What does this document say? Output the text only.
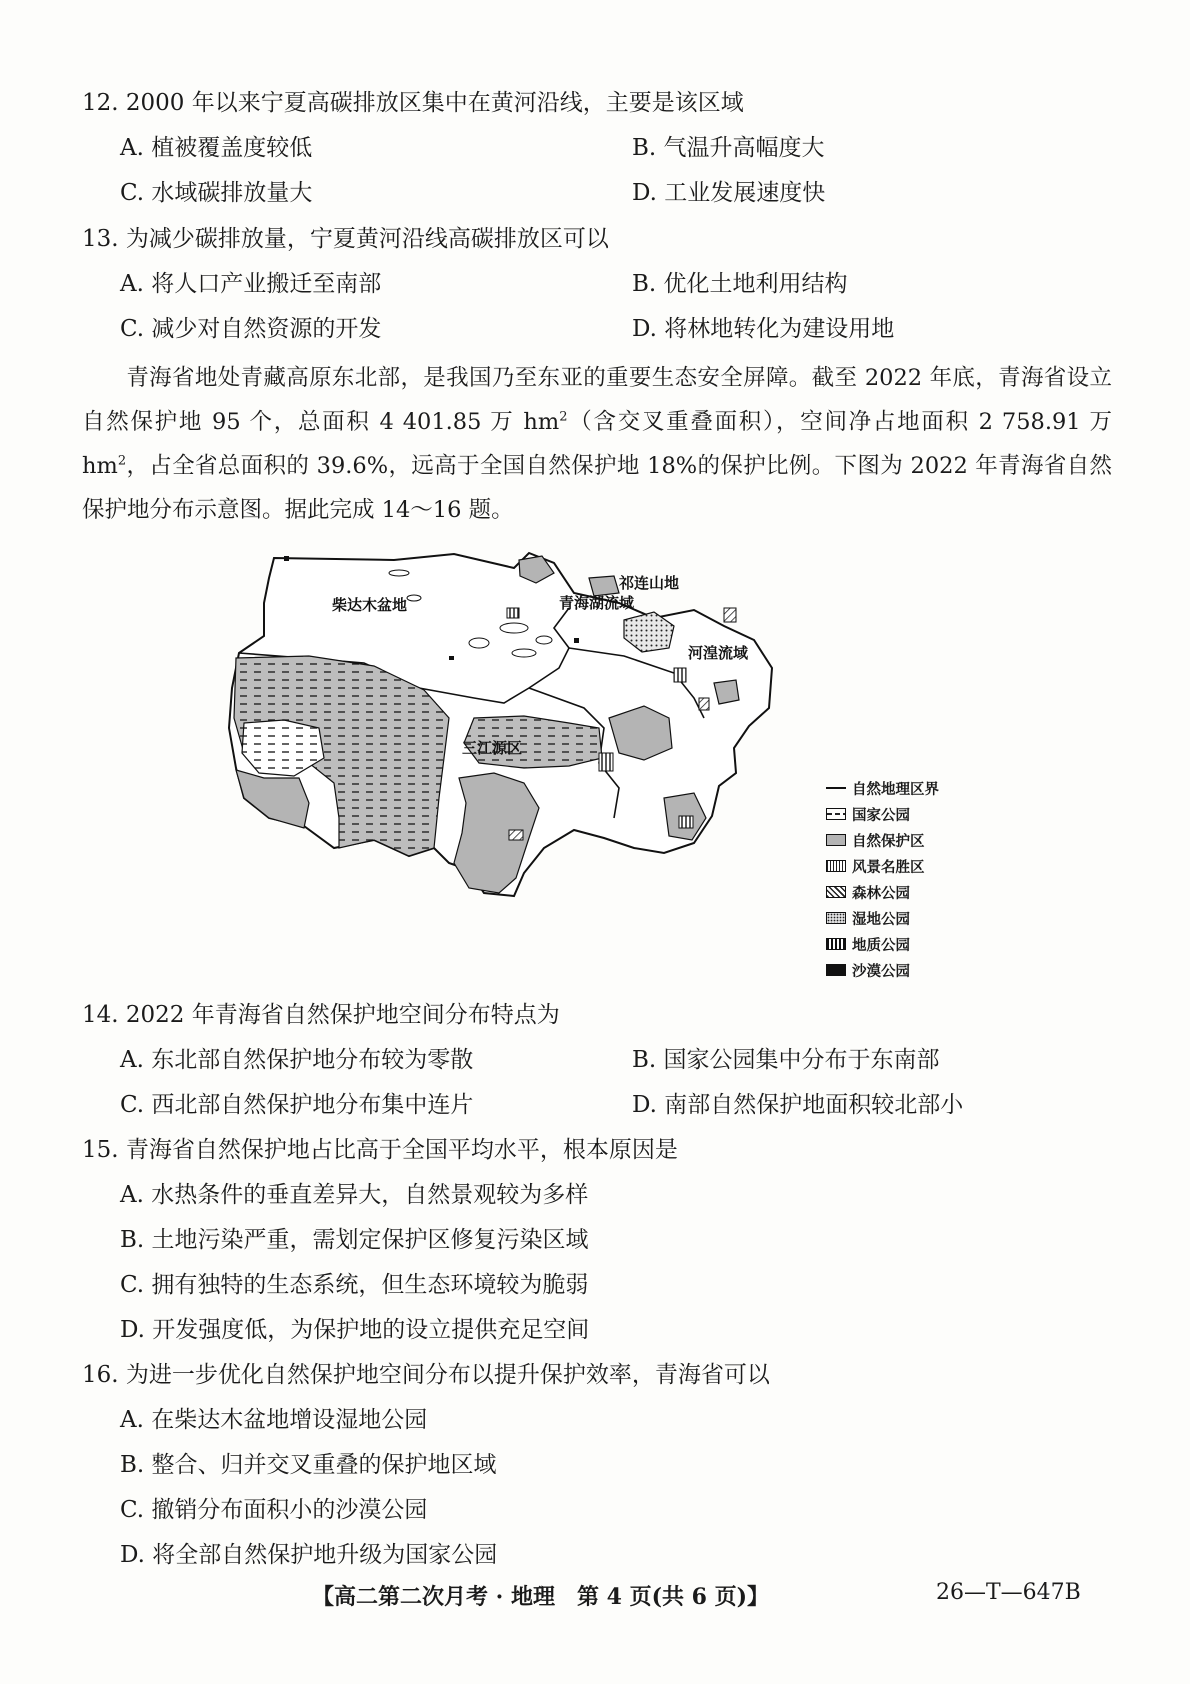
12. 2000 年以来宁夏高碳排放区集中在黄河沿线，主要是该区域
A. 植被覆盖度较低	B. 气温升高幅度大
C. 水域碳排放量大	D. 工业发展速度快
13. 为减少碳排放量，宁夏黄河沿线高碳排放区可以
A. 将人口产业搬迁至南部	B. 优化土地利用结构
C. 减少对自然资源的开发	D. 将林地转化为建设用地
青海省地处青藏高原东北部，是我国乃至东亚的重要生态安全屏障。截至 2022 年底，青海省设立自然保护地 95 个，总面积 4 401.85 万 $hm^2$（含交叉重叠面积），空间净占地面积 2 758.91 万 $hm^2$，占全省总面积的 39.6%，远高于全国自然保护地 18%的保护比例。下图为 2022 年青海省自然保护地分布示意图。据此完成 14～16 题。
柴达木盆地
祁连山地
青海湖流域
河湟流域
三江源区
自然地理区界
国家公园
自然保护区
风景名胜区
森林公园
湿地公园
地质公园
沙漠公园
14. 2022 年青海省自然保护地空间分布特点为
A. 东北部自然保护地分布较为零散	B. 国家公园集中分布于东南部
C. 西北部自然保护地分布集中连片	D. 南部自然保护地面积较北部小
15. 青海省自然保护地占比高于全国平均水平，根本原因是
A. 水热条件的垂直差异大，自然景观较为多样
B. 土地污染严重，需划定保护区修复污染区域
C. 拥有独特的生态系统，但生态环境较为脆弱
D. 开发强度低，为保护地的设立提供充足空间
16. 为进一步优化自然保护地空间分布以提升保护效率，青海省可以
A. 在柴达木盆地增设湿地公园
B. 整合、归并交叉重叠的保护地区域
C. 撤销分布面积小的沙漠公园
D. 将全部自然保护地升级为国家公园
【高二第二次月考 · 地理　第 4 页(共 6 页)】	26—T—647B
